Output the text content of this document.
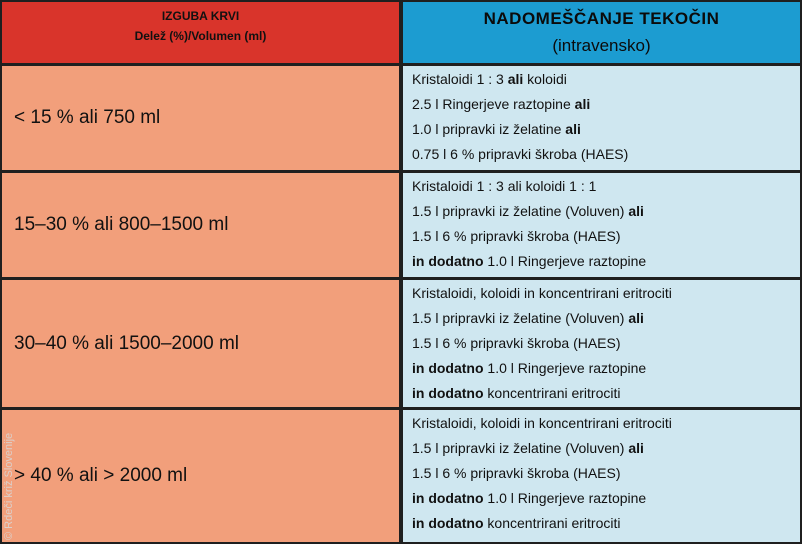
IZGUBA KRVI
Delež (%)/Volumen (ml)
NADOMEŠČANJE TEKOČIN
(intravensko)
< 15 % ali 750 ml
Kristaloidi 1 : 3 ali koloidi
2.5 l Ringerjeve raztopine ali
1.0 l pripravki iz želatine ali
0.75 l 6 % pripravki škroba (HAES)
15–30 % ali 800–1500 ml
Kristaloidi 1 : 3 ali koloidi 1 : 1
1.5 l pripravki iz želatine (Voluven) ali
1.5 l 6 % pripravki škroba (HAES)
in dodatno 1.0 l Ringerjeve raztopine
30–40 % ali 1500–2000 ml
Kristaloidi, koloidi in koncentrirani eritrociti
1.5 l pripravki iz želatine (Voluven) ali
1.5 l 6 % pripravki škroba (HAES)
in dodatno 1.0 l Ringerjeve raztopine
in dodatno koncentrirani eritrociti
> 40 % ali > 2000 ml
Kristaloidi, koloidi in koncentrirani eritrociti
1.5 l pripravki iz želatine (Voluven) ali
1.5 l 6 % pripravki škroba (HAES)
in dodatno 1.0 l Ringerjeve raztopine
in dodatno koncentrirani eritrociti
© Rdeči križ Slovenije
